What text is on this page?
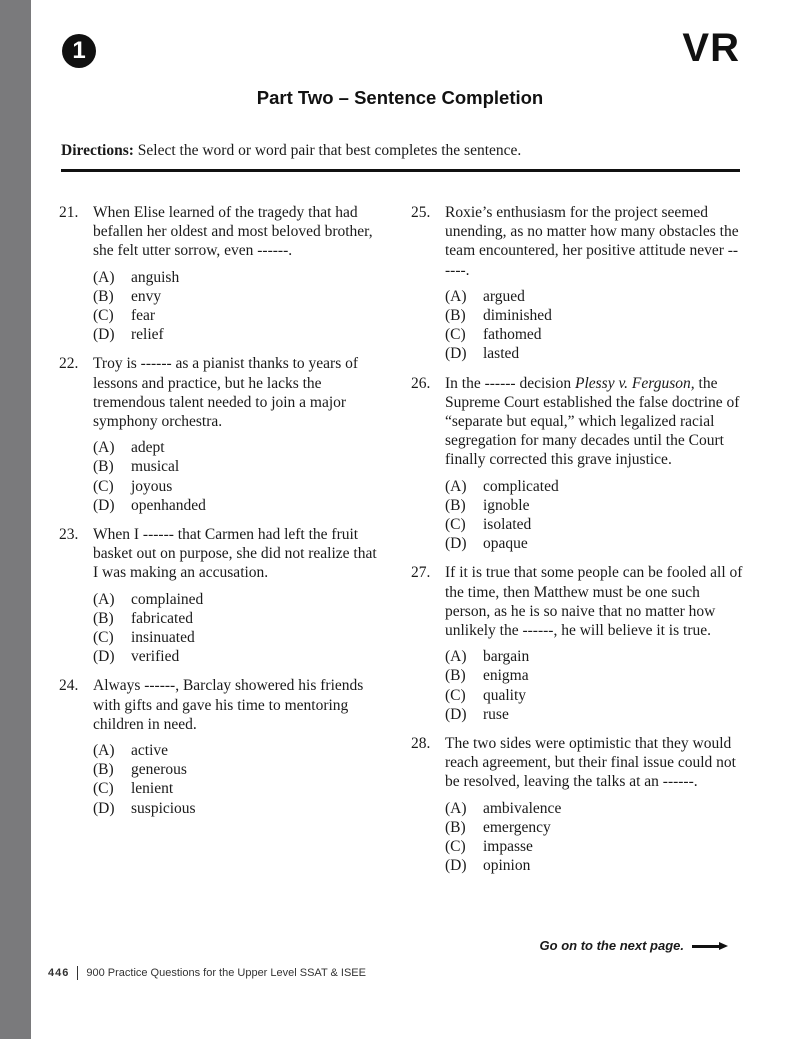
1	VR
Part Two – Sentence Completion
Directions: Select the word or word pair that best completes the sentence.
21. When Elise learned of the tragedy that had befallen her oldest and most beloved brother, she felt utter sorrow, even ------.
(A)	anguish
(B)	envy
(C)	fear
(D)	relief
22. Troy is ------ as a pianist thanks to years of lessons and practice, but he lacks the tremendous talent needed to join a major symphony orchestra.
(A)	adept
(B)	musical
(C)	joyous
(D)	openhanded
23. When I ------ that Carmen had left the fruit basket out on purpose, she did not realize that I was making an accusation.
(A)	complained
(B)	fabricated
(C)	insinuated
(D)	verified
24. Always ------, Barclay showered his friends with gifts and gave his time to mentoring children in need.
(A)	active
(B)	generous
(C)	lenient
(D)	suspicious
25. Roxie’s enthusiasm for the project seemed unending, as no matter how many obstacles the team encountered, her positive attitude never ------.
(A)	argued
(B)	diminished
(C)	fathomed
(D)	lasted
26. In the ------ decision Plessy v. Ferguson, the Supreme Court established the false doctrine of “separate but equal,” which legalized racial segregation for many decades until the Court finally corrected this grave injustice.
(A)	complicated
(B)	ignoble
(C)	isolated
(D)	opaque
27. If it is true that some people can be fooled all of the time, then Matthew must be one such person, as he is so naive that no matter how unlikely the ------, he will believe it is true.
(A)	bargain
(B)	enigma
(C)	quality
(D)	ruse
28. The two sides were optimistic that they would reach agreement, but their final issue could not be resolved, leaving the talks at an ------.
(A)	ambivalence
(B)	emergency
(C)	impasse
(D)	opinion
Go on to the next page.
446 900 Practice Questions for the Upper Level SSAT & ISEE
